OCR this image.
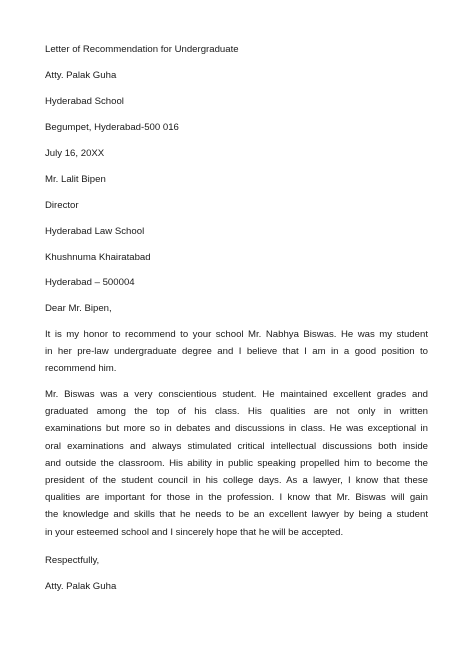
Letter of Recommendation for Undergraduate

Atty. Palak Guha

Hyderabad School

Begumpet, Hyderabad-500 016

July 16, 20XX

Mr. Lalit Bipen

Director

Hyderabad Law School

Khushnuma Khairatabad

Hyderabad – 500004

Dear Mr. Bipen,

It is my honor to recommend to your school Mr. Nabhya Biswas. He was my student
in her pre-law undergraduate degree and I believe that I am in a good position to
recommend him.
Mr. Biswas was a very conscientious student. He maintained excellent grades and
graduated among the top of his class. His qualities are not only in written
examinations but more so in debates and discussions in class. He was exceptional in
oral examinations and always stimulated critical intellectual discussions both inside
and outside the classroom. His ability in public speaking propelled him to become the
president of the student council in his college days. As a lawyer, I know that these
qualities are important for those in the profession. I know that Mr. Biswas will gain
the knowledge and skills that he needs to be an excellent lawyer by being a student
in your esteemed school and I sincerely hope that he will be accepted.

Respectfully,

Atty. Palak Guha
